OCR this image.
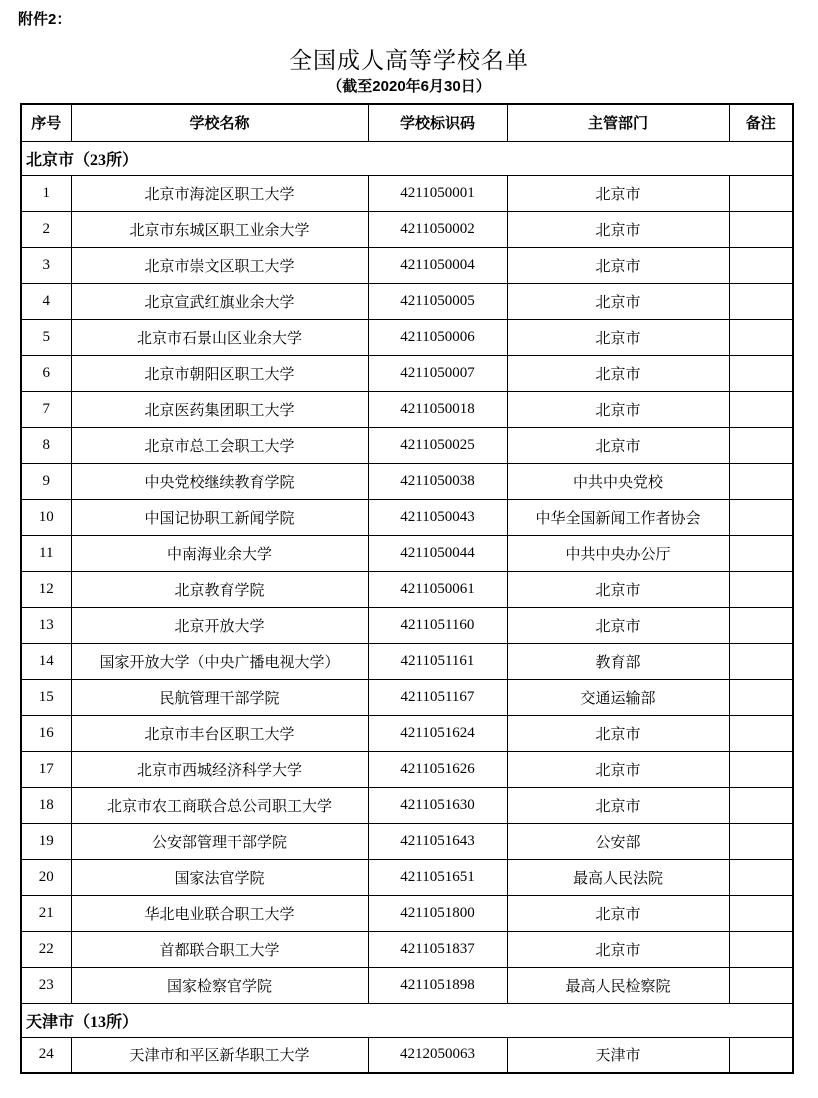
附件2：
全国成人高等学校名单
（截至2020年6月30日）
序号	学校名称	学校标识码	主管部门	备注
北京市（23所）				
1	北京市海淀区职工大学	4211050001	北京市	
2	北京市东城区职工业余大学	4211050002	北京市	
3	北京市崇文区职工大学	4211050004	北京市	
4	北京宣武红旗业余大学	4211050005	北京市	
5	北京市石景山区业余大学	4211050006	北京市	
6	北京市朝阳区职工大学	4211050007	北京市	
7	北京医药集团职工大学	4211050018	北京市	
8	北京市总工会职工大学	4211050025	北京市	
9	中央党校继续教育学院	4211050038	中共中央党校	
10	中国记协职工新闻学院	4211050043	中华全国新闻工作者协会	
11	中南海业余大学	4211050044	中共中央办公厅	
12	北京教育学院	4211050061	北京市	
13	北京开放大学	4211051160	北京市	
14	国家开放大学（中央广播电视大学）	4211051161	教育部	
15	民航管理干部学院	4211051167	交通运输部	
16	北京市丰台区职工大学	4211051624	北京市	
17	北京市西城经济科学大学	4211051626	北京市	
18	北京市农工商联合总公司职工大学	4211051630	北京市	
19	公安部管理干部学院	4211051643	公安部	
20	国家法官学院	4211051651	最高人民法院	
21	华北电业联合职工大学	4211051800	北京市	
22	首都联合职工大学	4211051837	北京市	
23	国家检察官学院	4211051898	最高人民检察院	
天津市（13所）				
24	天津市和平区新华职工大学	4212050063	天津市	
